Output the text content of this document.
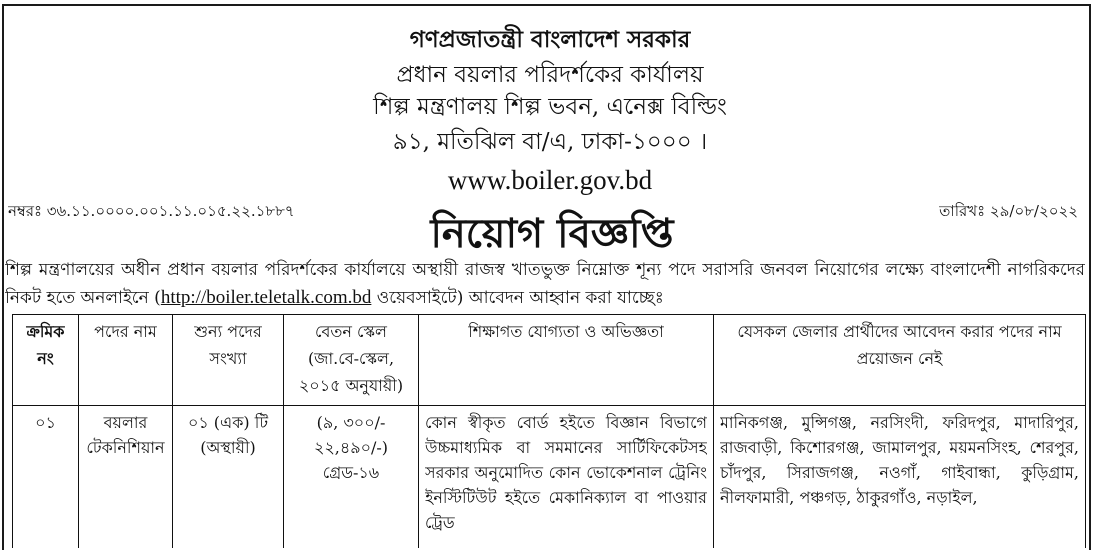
গণপ্রজাতন্ত্রী বাংলাদেশ সরকার
প্রধান বয়লার পরিদর্শকের কার্যালয়
শিল্প মন্ত্রণালয় শিল্প ভবন, এনেক্স বিল্ডিং
৯১, মতিঝিল বা/এ, ঢাকা-১০০০ ।
www.boiler.gov.bd
নম্বরঃ ৩৬.১১.০০০০.০০১.১১.০১৫.২২.১৮৮৭	নিয়োগ বিজ্ঞপ্তি	তারিখঃ ২৯/০৮/২০২২
শিল্প মন্ত্রণালয়ের অধীন প্রধান বয়লার পরিদর্শকের কার্যালয়ে অস্থায়ী রাজস্ব খাতভুক্ত নিম্নোক্ত শূন্য পদে সরাসরি জনবল নিয়োগের লক্ষ্যে বাংলাদেশী নাগরিকদের নিকট হতে অনলাইনে (http://boiler.teletalk.com.bd ওয়েবসাইটে) আবেদন আহ্বান করা যাচ্ছেঃ
ক্রমিক নং	পদের নাম	শুন্য পদের সংখ্যা	বেতন স্কেল (জা.বে-স্কেল, ২০১৫ অনুযায়ী)	শিক্ষাগত যোগ্যতা ও অভিজ্ঞতা	যেসকল জেলার প্রার্থীদের আবেদন করার পদের নাম প্রয়োজন নেই

০১	বয়লার টেকনিশিয়ান	০১ (এক) টি (অস্থায়ী)	(৯, ৩০০/- ২২,৪৯০/-) গ্রেড-১৬	কোন স্বীকৃত বোর্ড হইতে বিজ্ঞান বিভাগে উচ্চমাধ্যমিক বা সমমানের সার্টিফিকেটসহ সরকার অনুমোদিত কোন ভোকেশনাল ট্রেনিং ইনস্টিটিউট হইতে মেকানিক্যাল বা পাওয়ার ট্রেড	মানিকগঞ্জ, মুন্সিগঞ্জ, নরসিংদী, ফরিদপুর, মাদারিপুর, রাজবাড়ী, কিশোরগঞ্জ, জামালপুর, ময়মনসিংহ, শেরপুর, চাঁদপুর, সিরাজগঞ্জ, নওগাঁ, গাইবান্ধা, কুড়িগ্রাম, নীলফামারী, পঞ্চগড়, ঠাকুরগাঁও, নড়াইল,
